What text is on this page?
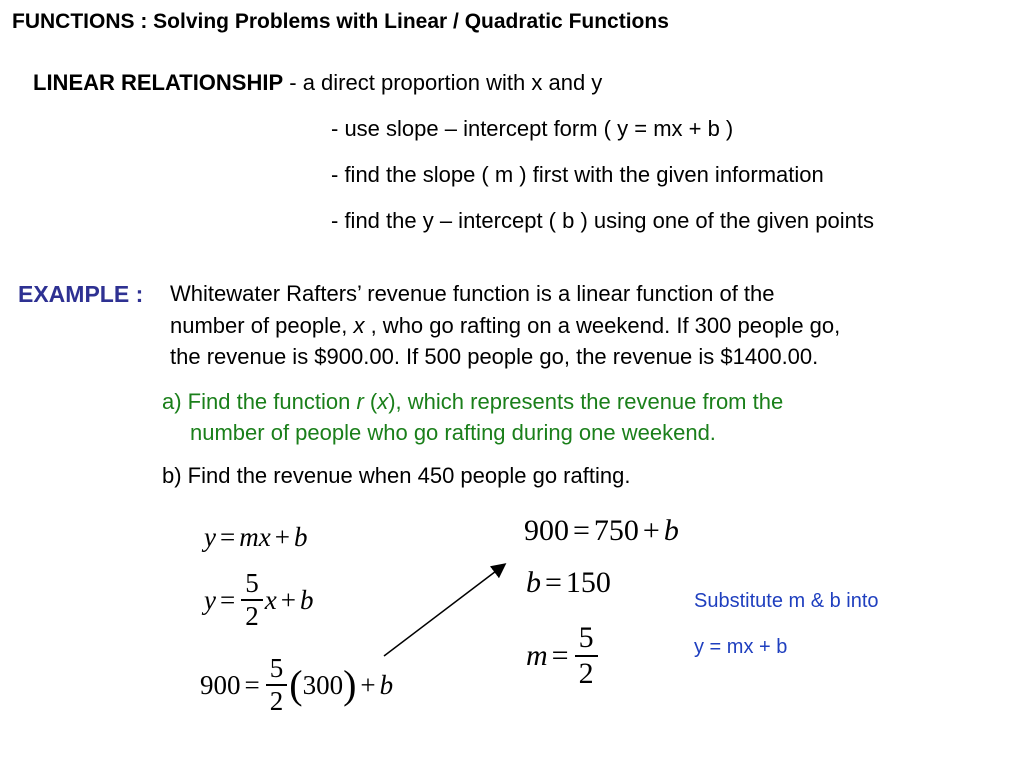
FUNCTIONS : Solving Problems with Linear / Quadratic Functions
LINEAR RELATIONSHIP - a direct proportion with x and y
- use slope – intercept form ( y = mx + b )
- find the slope ( m ) first with the given information
- find the y – intercept ( b ) using one of the given points
EXAMPLE : Whitewater Rafters’ revenue function is a linear function of the
number of people, x , who go rafting on a weekend. If 300 people go,
the revenue is $900.00. If 500 people go, the revenue is $1400.00.
a) Find the function r (x), which represents the revenue from the
number of people who go rafting during one weekend.
b) Find the revenue when 450 people go rafting.
y = m x + b
$y = \frac{5}{2}$ x + b
$900 = \frac{5}{2}$ ( 300 ) + b
900 = 750 + b
b = 150
$m = \frac{5}{2}$
Substitute m & b into
y = mx + b
